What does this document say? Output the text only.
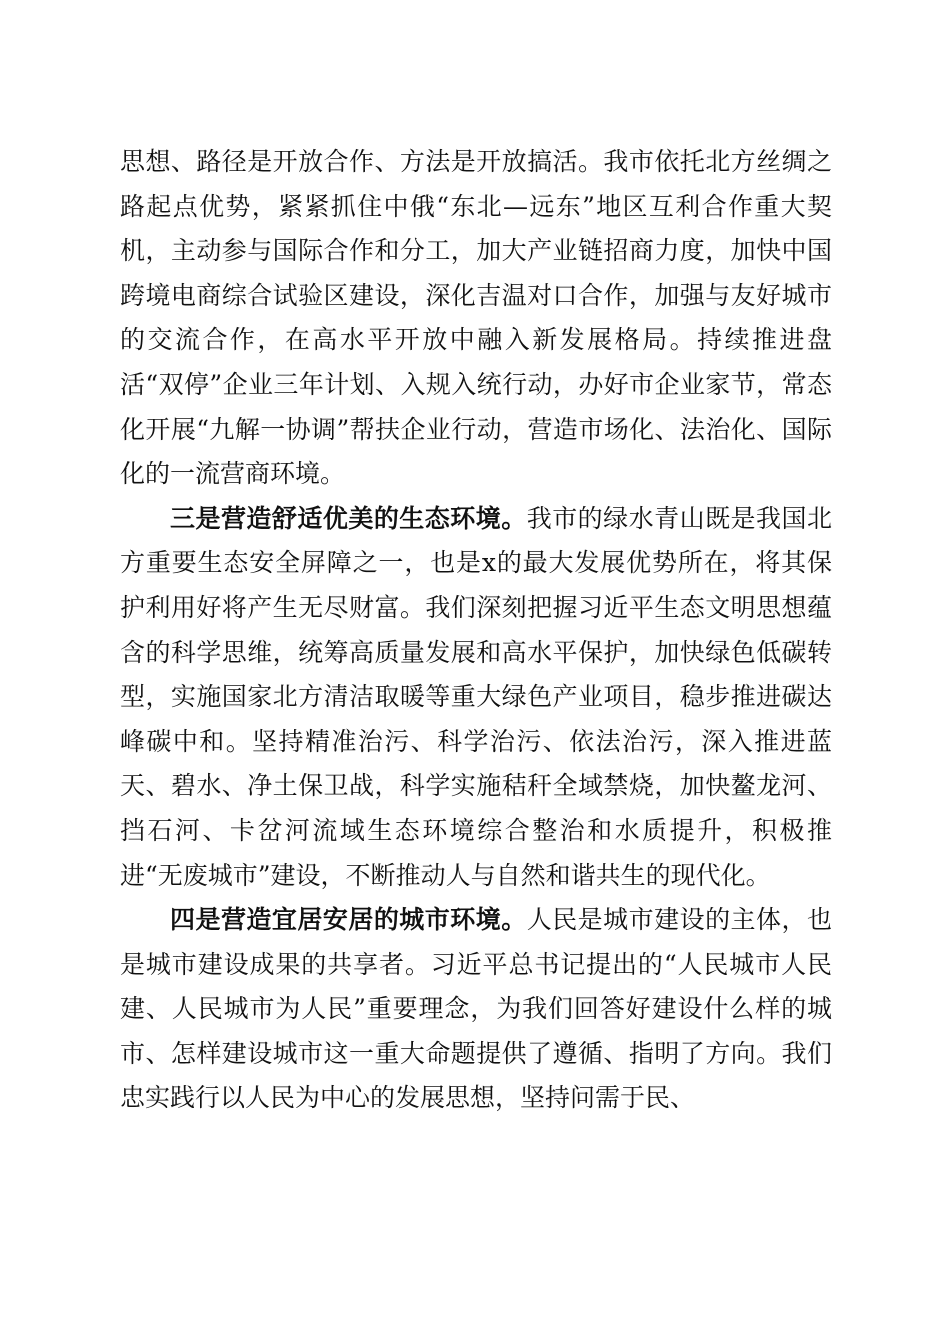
思想、路径是开放合作、方法是开放搞活。我市依托北方丝绸之路起点优势，紧紧抓住中俄“东北—远东”地区互利合作重大契机，主动参与国际合作和分工，加大产业链招商力度，加快中国跨境电商综合试验区建设，深化吉温对口合作，加强与友好城市的交流合作，在高水平开放中融入新发展格局。持续推进盘活“双停”企业三年计划、入规入统行动，办好市企业家节，常态化开展“九解一协调”帮扶企业行动，营造市场化、法治化、国际化的一流营商环境。

三是营造舒适优美的生态环境。我市的绿水青山既是我国北方重要生态安全屏障之一，也是x的最大发展优势所在，将其保护利用好将产生无尽财富。我们深刻把握习近平生态文明思想蕴含的科学思维，统筹高质量发展和高水平保护，加快绿色低碳转型，实施国家北方清洁取暖等重大绿色产业项目，稳步推进碳达峰碳中和。坚持精准治污、科学治污、依法治污，深入推进蓝天、碧水、净土保卫战，科学实施秸秆全域禁烧，加快鳌龙河、挡石河、卡岔河流域生态环境综合整治和水质提升，积极推进“无废城市”建设，不断推动人与自然和谐共生的现代化。

四是营造宜居安居的城市环境。人民是城市建设的主体，也是城市建设成果的共享者。习近平总书记提出的“人民城市人民建、人民城市为人民”重要理念，为我们回答好建设什么样的城市、怎样建设城市这一重大命题提供了遵循、指明了方向。我们忠实践行以人民为中心的发展思想，坚持问需于民、
